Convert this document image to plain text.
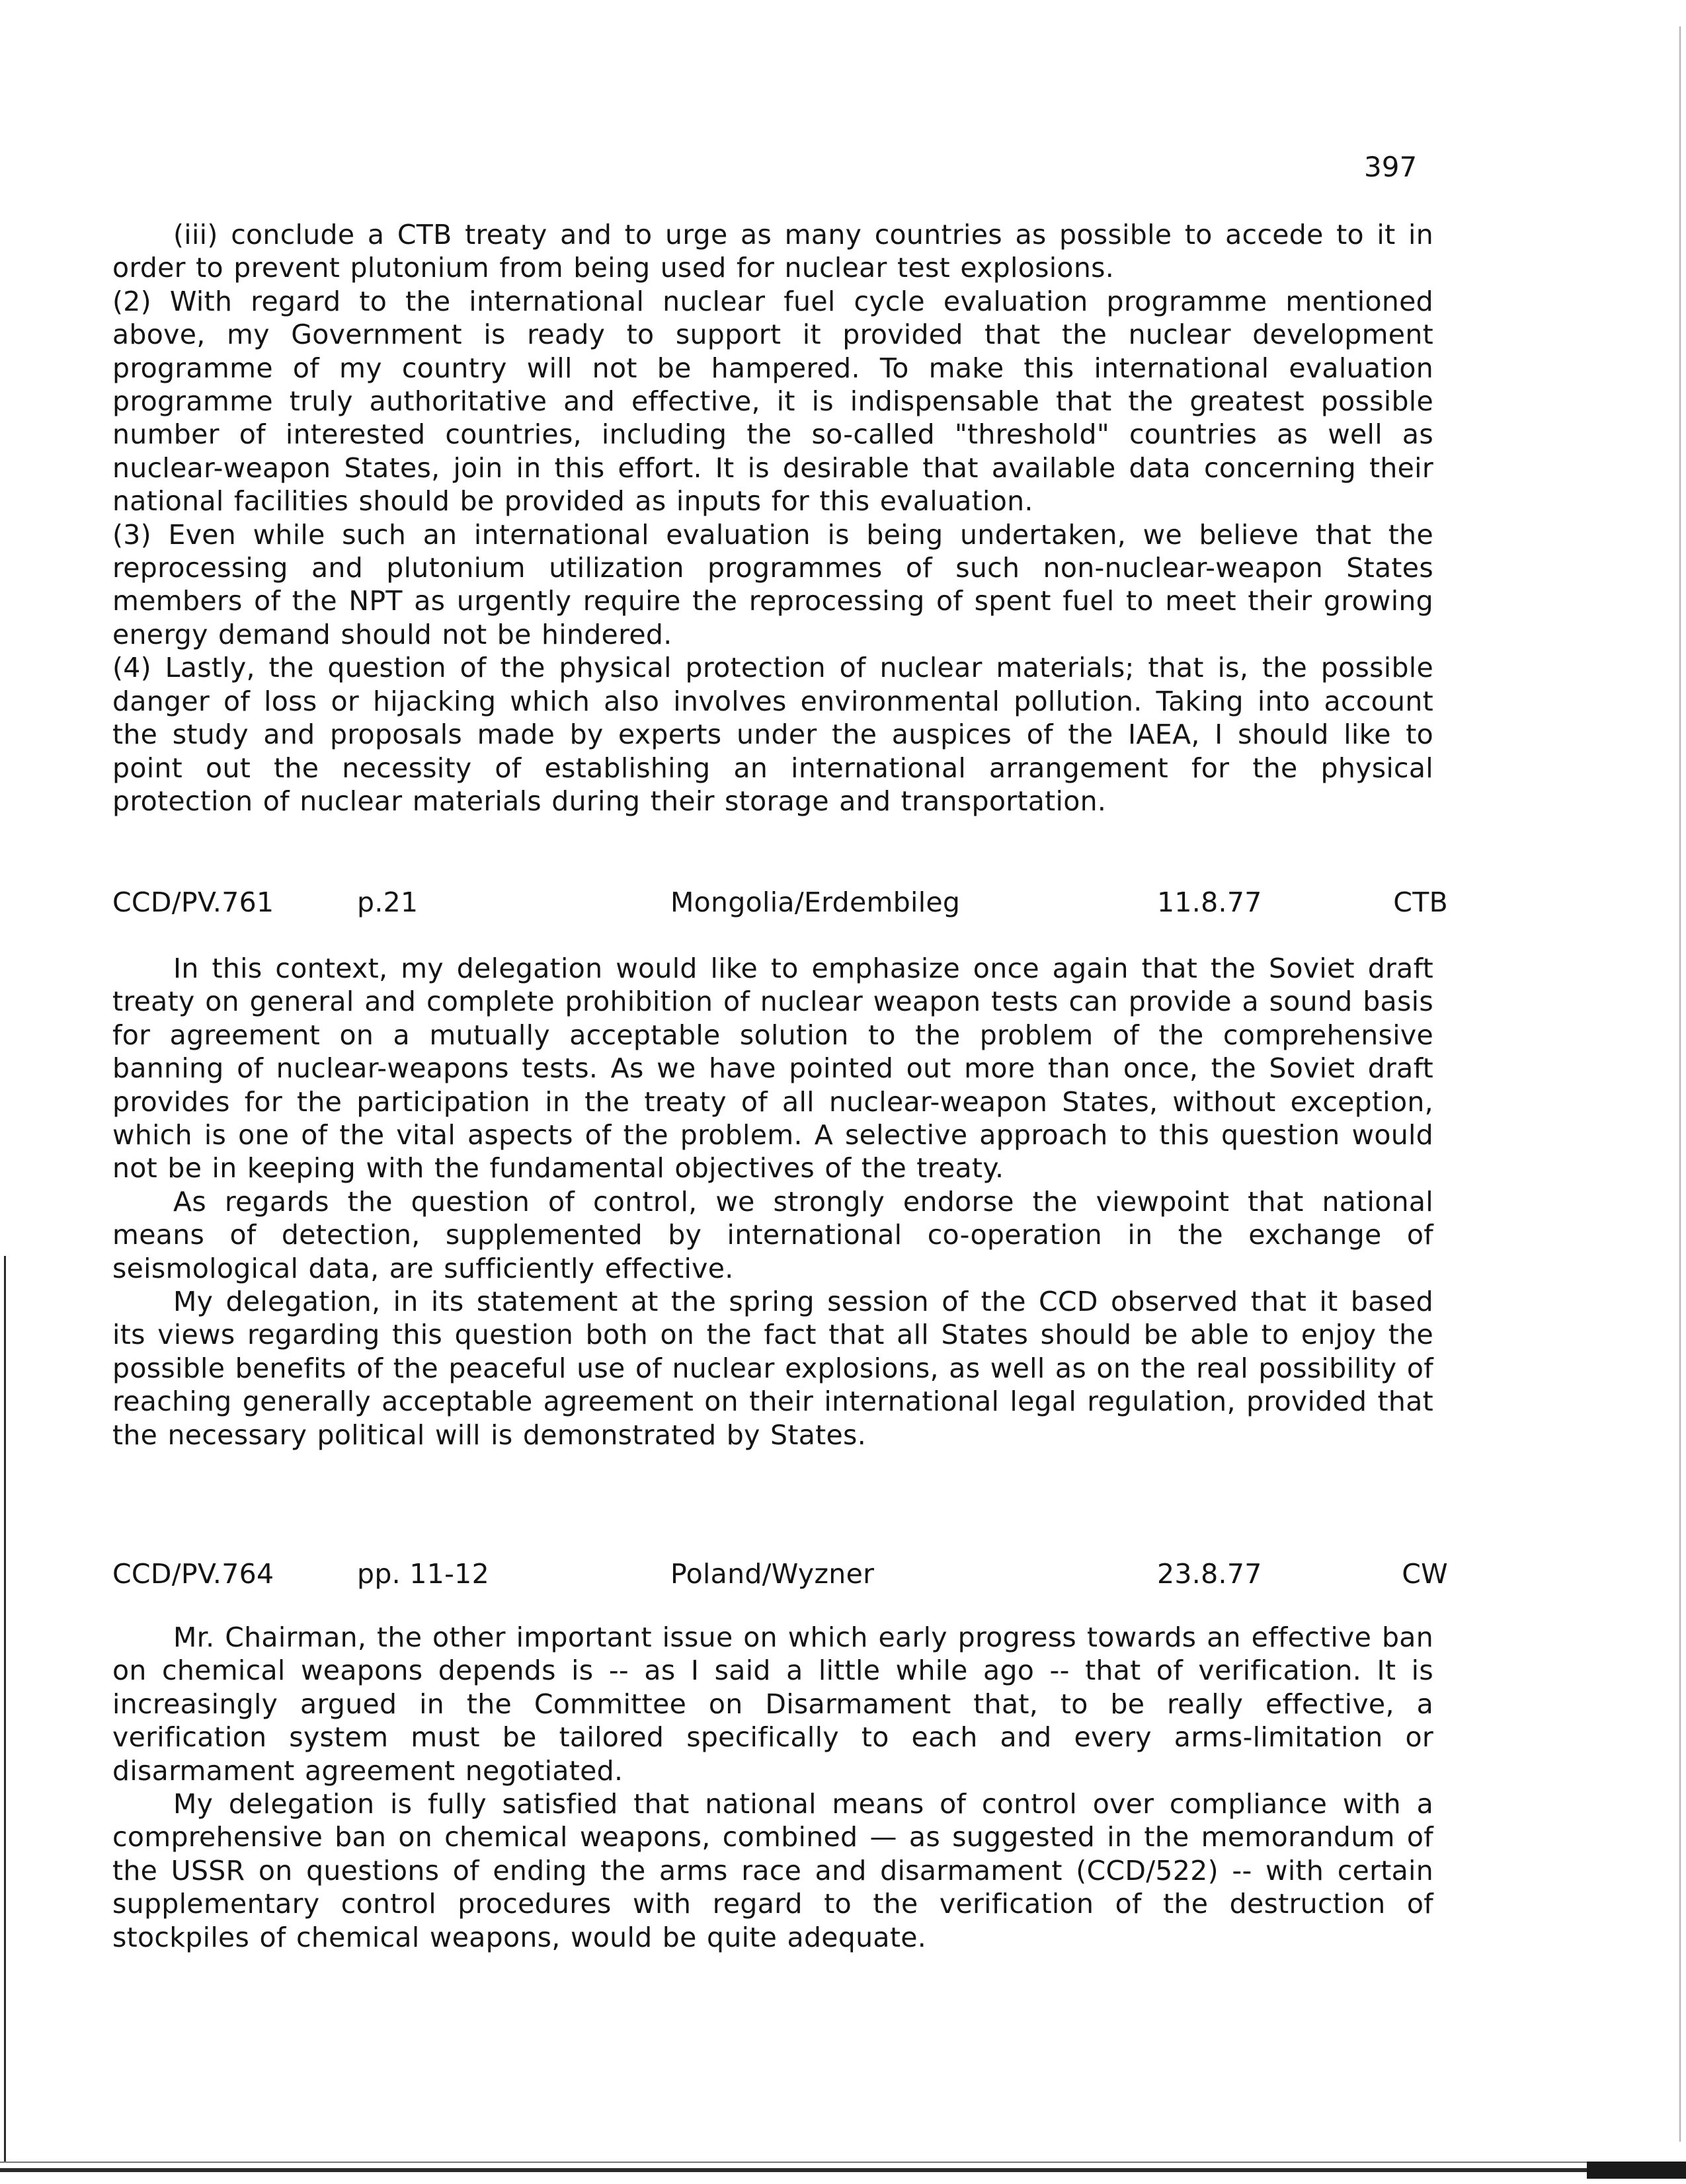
397

(iii) conclude a CTB treaty and to urge as many countries as possible to accede to it in order to prevent plutonium from being used for nuclear test explosions.

(2) With regard to the international nuclear fuel cycle evaluation programme mentioned above, my Government is ready to support it provided that the nuclear development programme of my country will not be hampered. To make this international evaluation programme truly authoritative and effective, it is indispensable that the greatest possible number of interested countries, including the so-called "threshold" countries as well as nuclear-weapon States, join in this effort. It is desirable that available data concerning their national facilities should be provided as inputs for this evaluation.

(3) Even while such an international evaluation is being undertaken, we believe that the reprocessing and plutonium utilization programmes of such non-nuclear-weapon States members of the NPT as urgently require the reprocessing of spent fuel to meet their growing energy demand should not be hindered.

(4) Lastly, the question of the physical protection of nuclear materials; that is, the possible danger of loss or hijacking which also involves environmental pollution. Taking into account the study and proposals made by experts under the auspices of the IAEA, I should like to point out the necessity of establishing an international arrangement for the physical protection of nuclear materials during their storage and transportation.

CCD/PV.761	p.21	Mongolia/Erdembileg	11.8.77	CTB

In this context, my delegation would like to emphasize once again that the Soviet draft treaty on general and complete prohibition of nuclear weapon tests can provide a sound basis for agreement on a mutually acceptable solution to the problem of the comprehensive banning of nuclear-weapons tests. As we have pointed out more than once, the Soviet draft provides for the participation in the treaty of all nuclear-weapon States, without exception, which is one of the vital aspects of the problem. A selective approach to this question would not be in keeping with the fundamental objectives of the treaty.

As regards the question of control, we strongly endorse the viewpoint that national means of detection, supplemented by international co-operation in the exchange of seismological data, are sufficiently effective.

My delegation, in its statement at the spring session of the CCD observed that it based its views regarding this question both on the fact that all States should be able to enjoy the possible benefits of the peaceful use of nuclear explosions, as well as on the real possibility of reaching generally acceptable agreement on their international legal regulation, provided that the necessary political will is demonstrated by States.

CCD/PV.764	pp. 11-12	Poland/Wyzner	23.8.77	CW

Mr. Chairman, the other important issue on which early progress towards an effective ban on chemical weapons depends is -- as I said a little while ago -- that of verification. It is increasingly argued in the Committee on Disarmament that, to be really effective, a verification system must be tailored specifically to each and every arms-limitation or disarmament agreement negotiated.

My delegation is fully satisfied that national means of control over compliance with a comprehensive ban on chemical weapons, combined — as suggested in the memorandum of the USSR on questions of ending the arms race and disarmament (CCD/522) -- with certain supplementary control procedures with regard to the verification of the destruction of stockpiles of chemical weapons, would be quite adequate.
